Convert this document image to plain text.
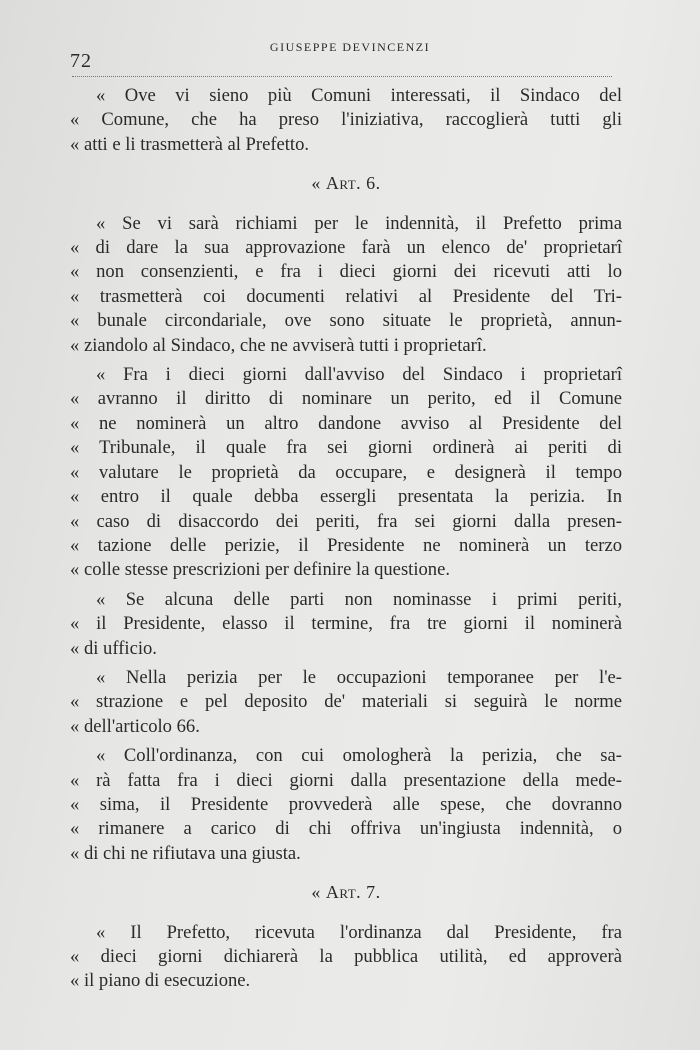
72
GIUSEPPE DEVINCENZI
« Ove vi sieno più Comuni interessati, il Sindaco del
« Comune, che ha preso l'iniziativa, raccoglierà tutti gli
« atti e li trasmetterà al Prefetto.
« Art. 6.
« Se vi sarà richiami per le indennità, il Prefetto prima
« di dare la sua approvazione farà un elenco de' proprietarî
« non consenzienti, e fra i dieci giorni dei ricevuti atti lo
« trasmetterà coi documenti relativi al Presidente del Tri-
« bunale circondariale, ove sono situate le proprietà, annun-
« ziandolo al Sindaco, che ne avviserà tutti i proprietarî.
« Fra i dieci giorni dall'avviso del Sindaco i proprietarî
« avranno il diritto di nominare un perito, ed il Comune
« ne nominerà un altro dandone avviso al Presidente del
« Tribunale, il quale fra sei giorni ordinerà ai periti di
« valutare le proprietà da occupare, e designerà il tempo
« entro il quale debba essergli presentata la perizia. In
« caso di disaccordo dei periti, fra sei giorni dalla presen-
« tazione delle perizie, il Presidente ne nominerà un terzo
« colle stesse prescrizioni per definire la questione.
« Se alcuna delle parti non nominasse i primi periti,
« il Presidente, elasso il termine, fra tre giorni il nominerà
« di ufficio.
« Nella perizia per le occupazioni temporanee per l'e-
« strazione e pel deposito de' materiali si seguirà le norme
« dell'articolo 66.
« Coll'ordinanza, con cui omologherà la perizia, che sa-
« rà fatta fra i dieci giorni dalla presentazione della mede-
« sima, il Presidente provvederà alle spese, che dovranno
« rimanere a carico di chi offriva un'ingiusta indennità, o
« di chi ne rifiutava una giusta.
« Art. 7.
« Il Prefetto, ricevuta l'ordinanza dal Presidente, fra
« dieci giorni dichiarerà la pubblica utilità, ed approverà
« il piano di esecuzione.
